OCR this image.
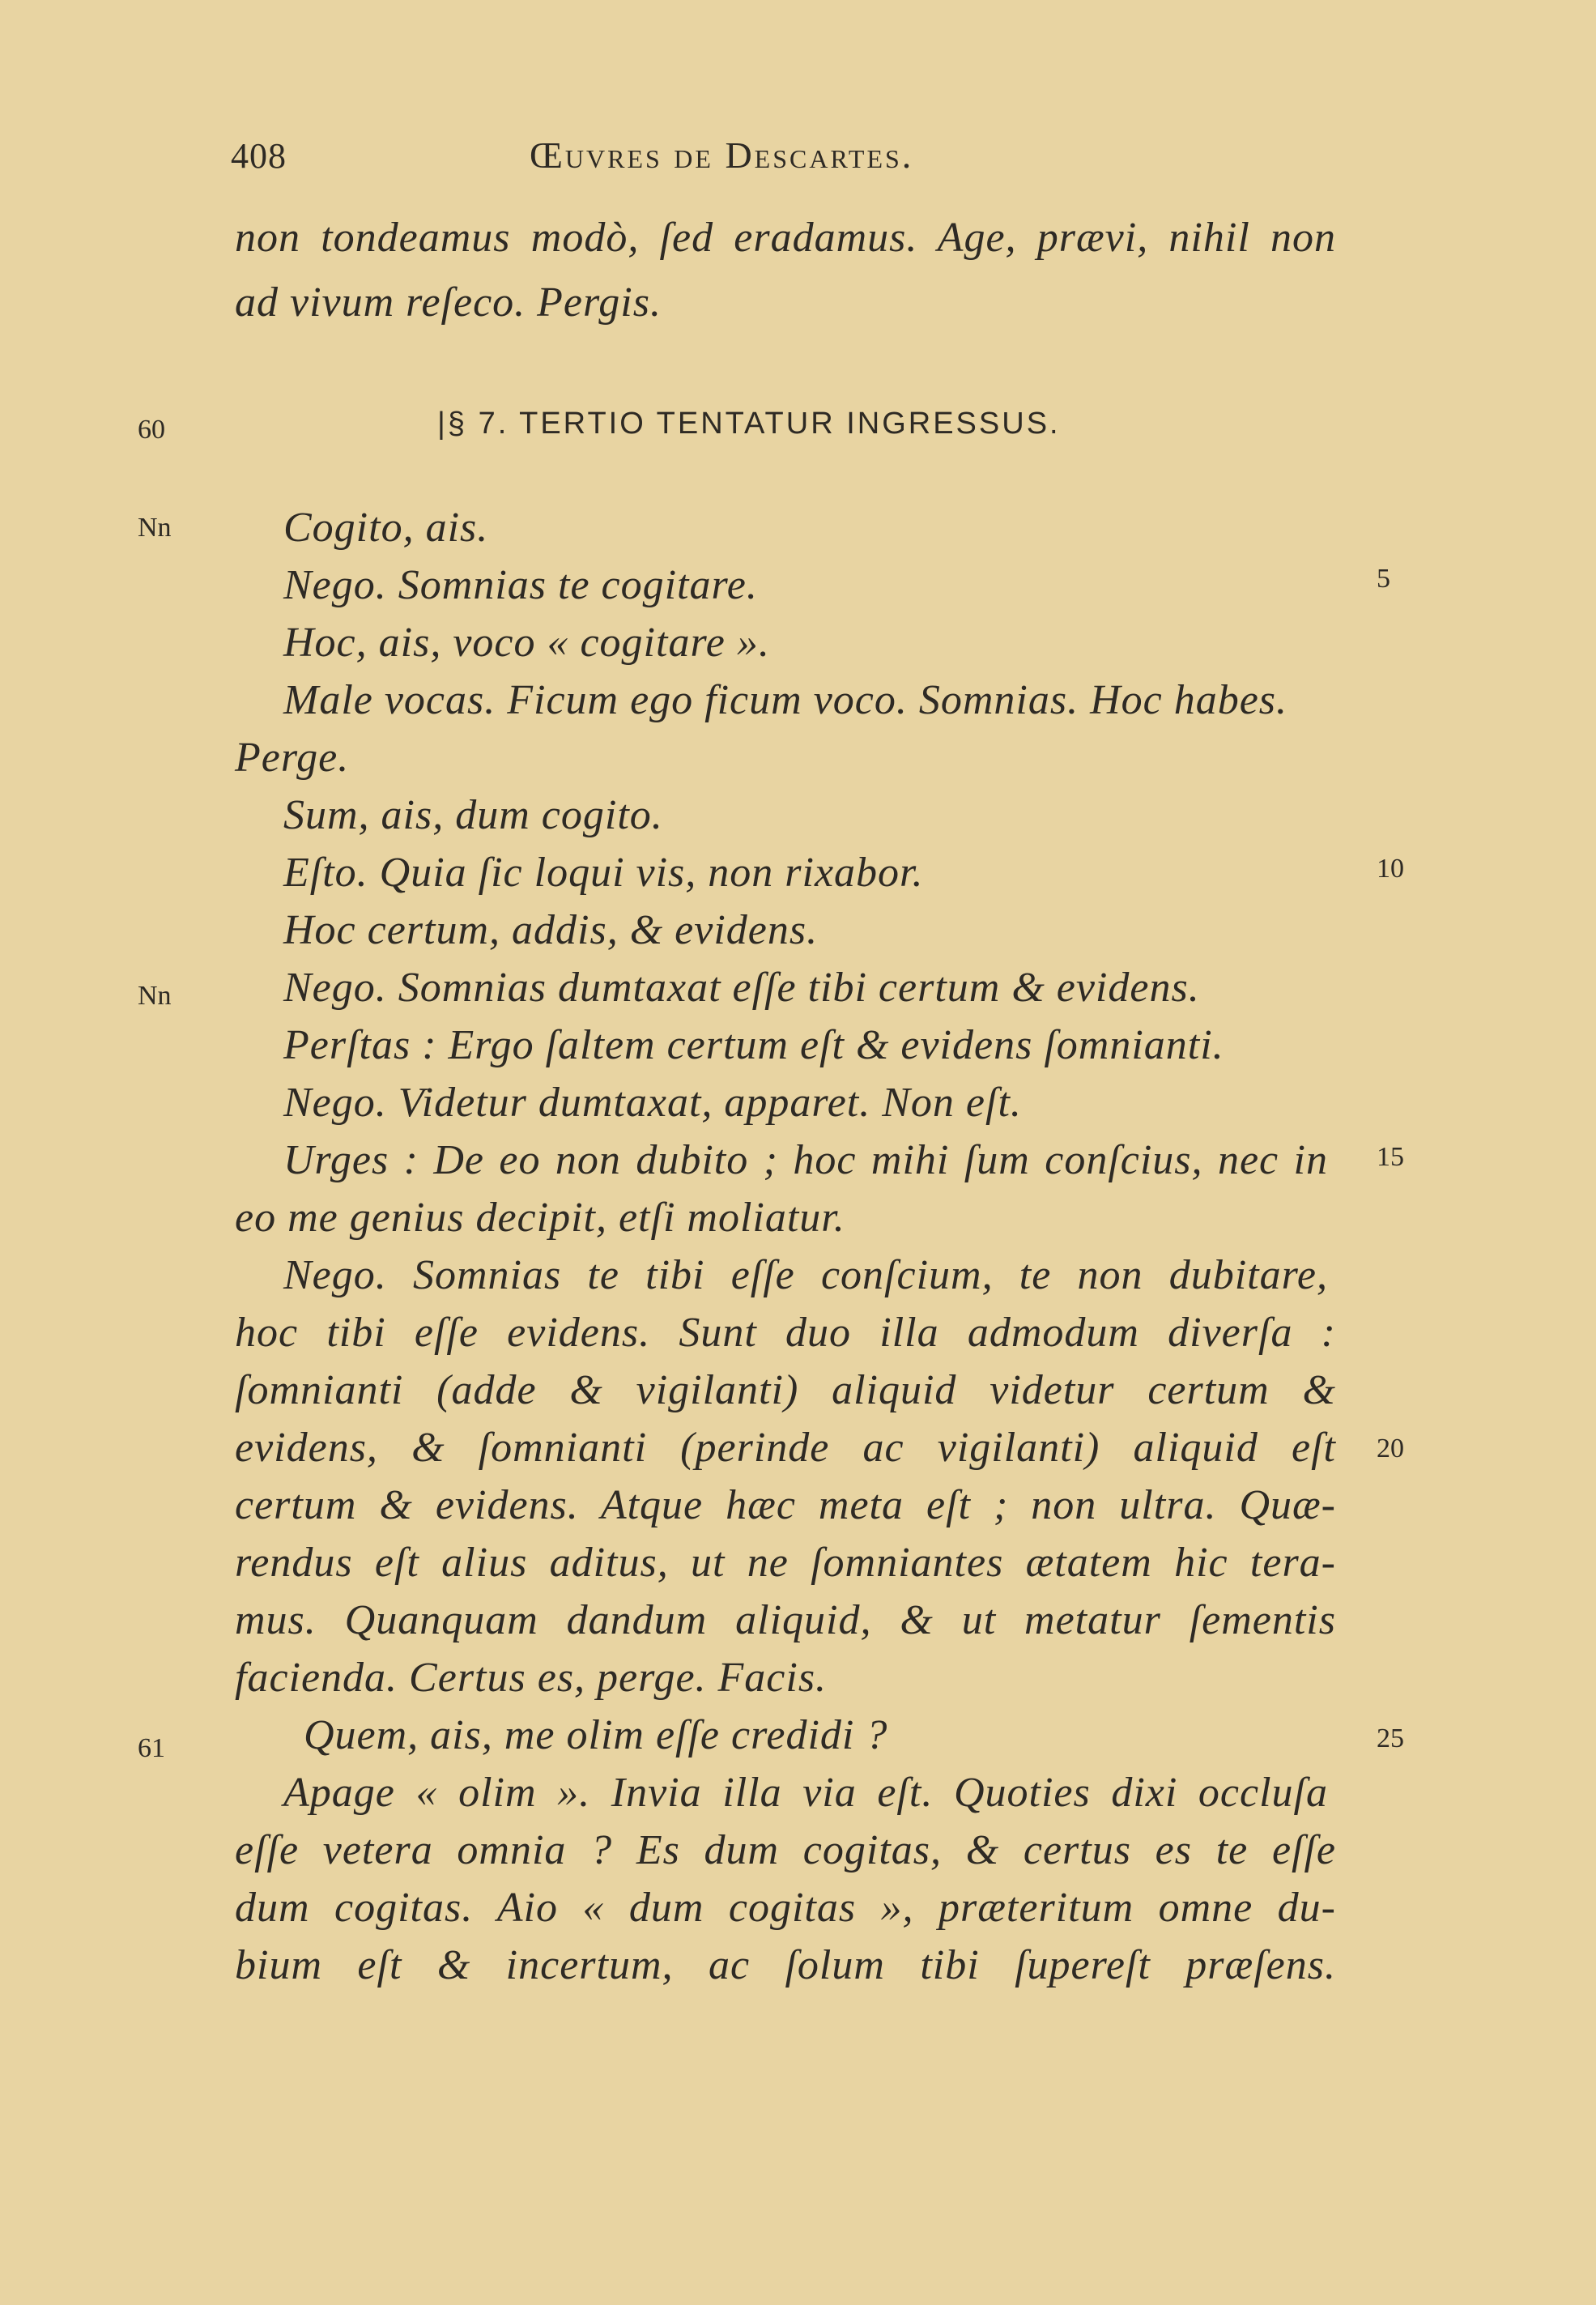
408	Œuvres de Descartes.
non tondeamus modò, ſed eradamus. Age, prævi, nihil non
ad vivum reſeco. Pergis.
60	|§ 7. TERTIO TENTATUR INGRESSUS.
Nn	Cogito, ais.
Nego. Somnias te cogitare.	5
Hoc, ais, voco « cogitare ».
Male vocas. Ficum ego ficum voco. Somnias. Hoc habes.
Perge.
Sum, ais, dum cogito.
Eſto. Quia ſic loqui vis, non rixabor.	10
Hoc certum, addis, & evidens.
Nn	Nego. Somnias dumtaxat eſſe tibi certum & evidens.
Perſtas : Ergo ſaltem certum eſt & evidens ſomnianti.
Nego. Videtur dumtaxat, apparet. Non eſt.
Urges : De eo non dubito ; hoc mihi ſum conſcius, nec in 15
eo me genius decipit, etſi moliatur.
Nego. Somnias te tibi eſſe conſcium, te non dubitare,
hoc tibi eſſe evidens. Sunt duo illa admodum diverſa :
ſomnianti (adde & vigilanti) aliquid videtur certum &
evidens, & ſomnianti (perinde ac vigilanti) aliquid eſt 20
certum & evidens. Atque hæc meta eſt ; non ultra. Quæ-
rendus eſt alius aditus, ut ne ſomniantes ætatem hic tera-
mus. Quanquam dandum aliquid, & ut metatur ſementis
facienda. Certus es, perge. Facis.
61	Quem, ais, me olim eſſe credidi ?	25
Apage « olim ». Invia illa via eſt. Quoties dixi occluſa
eſſe vetera omnia ? Es dum cogitas, & certus es te eſſe
dum cogitas. Aio « dum cogitas », præteritum omne du-
bium eſt & incertum, ac ſolum tibi ſupereſt præſens.
